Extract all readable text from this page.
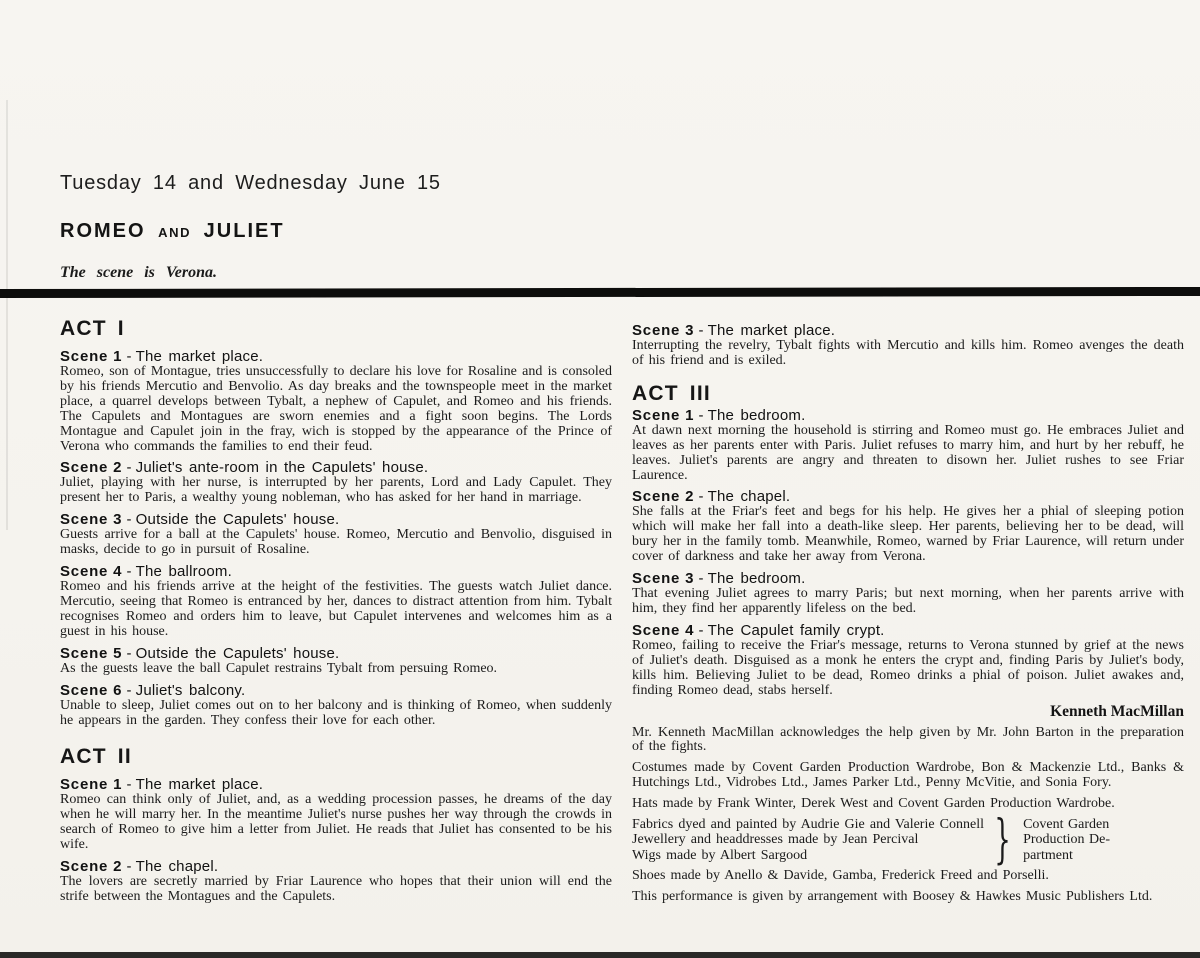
Tuesday 14 and Wednesday June 15
ROMEO AND JULIET
The scene is Verona.
ACT I
Scene 1 - The market place.

Romeo, son of Montague, tries unsuccessfully to declare his love for Rosaline and is consoled by his friends Mercutio and Benvolio. As day breaks and the townspeople meet in the market place, a quarrel develops between Tybalt, a nephew of Capulet, and Romeo and his friends. The Capulets and Montagues are sworn enemies and a fight soon begins. The Lords Montague and Capulet join in the fray, wich is stopped by the appearance of the Prince of Verona who commands the families to end their feud.

Scene 2 - Juliet's ante-room in the Capulets' house.

Juliet, playing with her nurse, is interrupted by her parents, Lord and Lady Capulet. They present her to Paris, a wealthy young nobleman, who has asked for her hand in marriage.

Scene 3 - Outside the Capulets' house.

Guests arrive for a ball at the Capulets' house. Romeo, Mercutio and Benvolio, disguised in masks, decide to go in pursuit of Rosaline.

Scene 4 - The ballroom.

Romeo and his friends arrive at the height of the festivities. The guests watch Juliet dance. Mercutio, seeing that Romeo is entranced by her, dances to distract attention from him. Tybalt recognises Romeo and orders him to leave, but Capulet intervenes and welcomes him as a guest in his house.

Scene 5 - Outside the Capulets' house.

As the guests leave the ball Capulet restrains Tybalt from persuing Romeo.

Scene 6 - Juliet's balcony.

Unable to sleep, Juliet comes out on to her balcony and is thinking of Romeo, when suddenly he appears in the garden. They confess their love for each other.

ACT II
Scene 1 - The market place.

Romeo can think only of Juliet, and, as a wedding procession passes, he dreams of the day when he will marry her. In the meantime Juliet's nurse pushes her way through the crowds in search of Romeo to give him a letter from Juliet. He reads that Juliet has consented to be his wife.

Scene 2 - The chapel.

The lovers are secretly married by Friar Laurence who hopes that their union will end the strife between the Montagues and the Capulets.

Scene 3 - The market place.

Interrupting the revelry, Tybalt fights with Mercutio and kills him. Romeo avenges the death of his friend and is exiled.

ACT III
Scene 1 - The bedroom.

At dawn next morning the household is stirring and Romeo must go. He embraces Juliet and leaves as her parents enter with Paris. Juliet refuses to marry him, and hurt by her rebuff, he leaves. Juliet's parents are angry and threaten to disown her. Juliet rushes to see Friar Laurence.

Scene 2 - The chapel.

She falls at the Friar's feet and begs for his help. He gives her a phial of sleeping potion which will make her fall into a death-like sleep. Her parents, believing her to be dead, will bury her in the family tomb. Meanwhile, Romeo, warned by Friar Laurence, will return under cover of darkness and take her away from Verona.

Scene 3 - The bedroom.

That evening Juliet agrees to marry Paris; but next morning, when her parents arrive with him, they find her apparently lifeless on the bed.

Scene 4 - The Capulet family crypt.

Romeo, failing to receive the Friar's message, returns to Verona stunned by grief at the news of Juliet's death. Disguised as a monk he enters the crypt and, finding Paris by Juliet's body, kills him. Believing Juliet to be dead, Romeo drinks a phial of poison. Juliet awakes and, finding Romeo dead, stabs herself.

Kenneth MacMillan

Mr. Kenneth MacMillan acknowledges the help given by Mr. John Barton in the preparation of the fights.

Costumes made by Covent Garden Production Wardrobe, Bon & Mackenzie Ltd., Banks & Hutchings Ltd., Vidrobes Ltd., James Parker Ltd., Penny McVitie, and Sonia Fory.

Hats made by Frank Winter, Derek West and Covent Garden Production Wardrobe.

Fabrics dyed and painted by Audrie Gie and Valerie Connell
Jewellery and headdresses made by Jean Percival
Wigs made by Albert Sargood	} Covent Garden
Production De-
partment

Shoes made by Anello & Davide, Gamba, Frederick Freed and Porselli.

This performance is given by arrangement with Boosey & Hawkes Music Publishers Ltd.
